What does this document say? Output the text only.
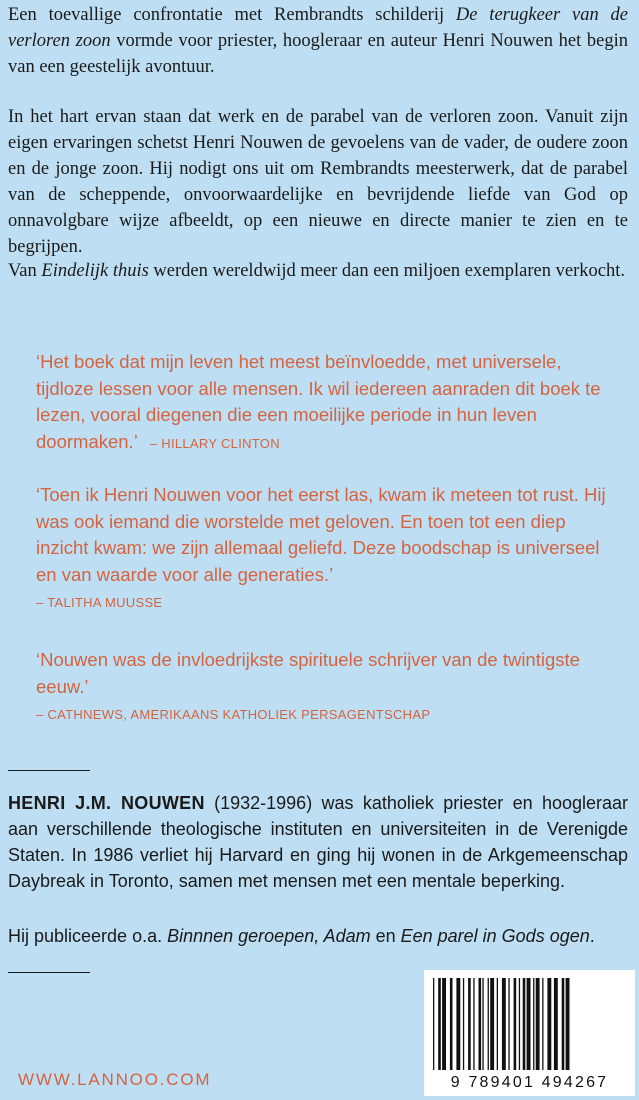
Een toevallige confrontatie met Rembrandts schilderij De terugkeer van de verloren zoon vormde voor priester, hoogleraar en auteur Henri Nouwen het begin van een geestelijk avontuur.

In het hart ervan staan dat werk en de parabel van de verloren zoon. Vanuit zijn eigen ervaringen schetst Henri Nouwen de gevoelens van de vader, de oudere zoon en de jonge zoon. Hij nodigt ons uit om Rembrandts meesterwerk, dat de parabel van de scheppende, onvoorwaardelijke en bevrijdende liefde van God op onnavolgbare wijze afbeeldt, op een nieuwe en directe manier te zien en te begrijpen.

Van Eindelijk thuis werden wereldwijd meer dan een miljoen exemplaren verkocht.

‘Het boek dat mijn leven het meest beïnvloedde, met universele, tijdloze lessen voor alle mensen. Ik wil iedereen aanraden dit boek te lezen, vooral diegenen die een moeilijke periode in hun leven doormaken.’ – HILLARY CLINTON

‘Toen ik Henri Nouwen voor het eerst las, kwam ik meteen tot rust. Hij was ook iemand die worstelde met geloven. En toen tot een diep inzicht kwam: we zijn allemaal geliefd. Deze boodschap is universeel en van waarde voor alle generaties.’
– TALITHA MUUSSE

‘Nouwen was de invloedrijkste spirituele schrijver van de twintigste eeuw.’
– CATHNEWS, AMERIKAANS KATHOLIEK PERSAGENTSCHAP

HENRI J.M. NOUWEN (1932-1996) was katholiek priester en hoogleraar aan verschillende theologische instituten en universiteiten in de Verenigde Staten. In 1986 verliet hij Harvard en ging hij wonen in de Arkgemeenschap Daybreak in Toronto, samen met mensen met een mentale beperking.

Hij publiceerde o.a. Binnnen geroepen, Adam en Een parel in Gods ogen.

WWW.LANNOO.COM	9 789401 494267
